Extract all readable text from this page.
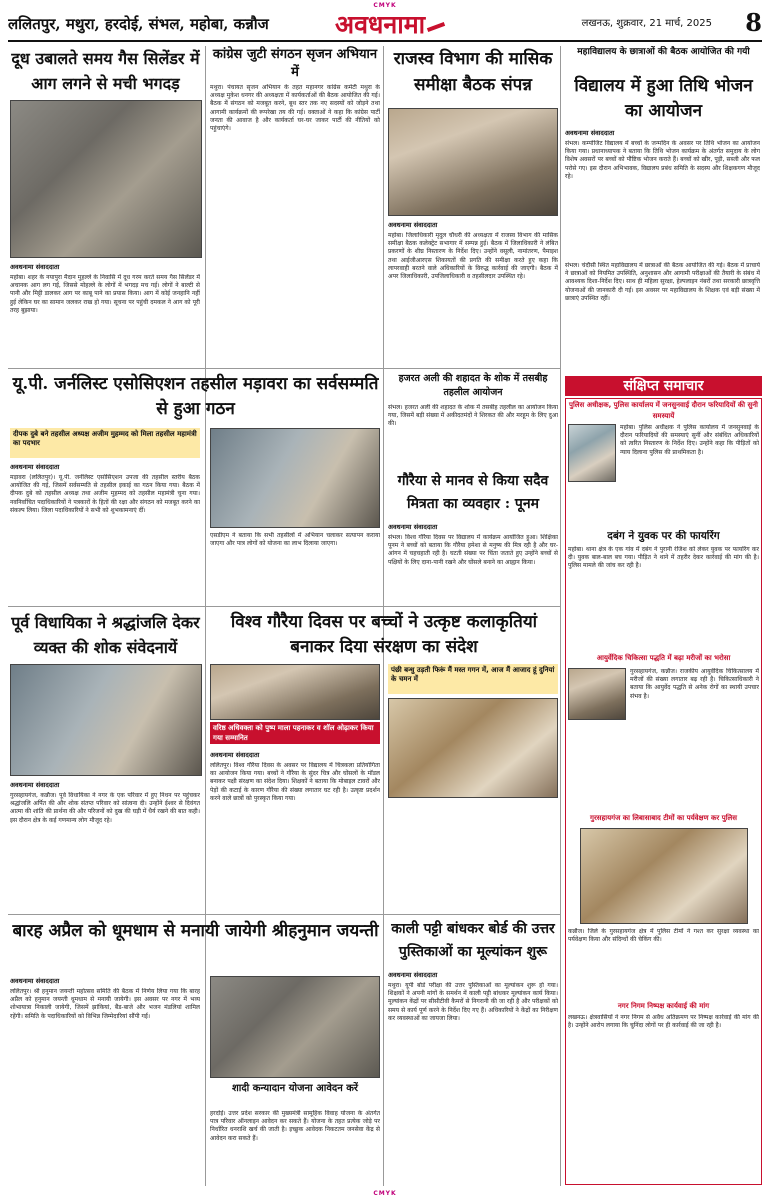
CMYK
ललितपुर, मथुरा, हरदोई, संभल, महोबा, कन्नौज	अवधनामा	लखनऊ, शुक्रवार, 21 मार्च, 2025	8
दूध उबालते समय गैस सिलेंडर में आग लगने से मची भगदड़
अवधनामा संवाददाता
महोबा। शहर के नयापुरा मैदान मुहल्ले के निवासि में दूध गरम करते समय गैस सिलेंडर में अचानक आग लग गई, जिससे मोहल्ले के लोगों में भगदड़ मच गई। लोगों ने बाल्टी से पानी और मिट्टी डालकर आग पर काबू पाने का प्रयास किया। आग में कोई जनहानि नहीं हुई लेकिन घर का सामान जलकर राख हो गया। सूचना पर पहुंची दमकल ने आग को पूरी तरह बुझाया।
कांग्रेस जुटी संगठन सृजन अभियान में
मथुरा। पंचायत सृजन अभियान के तहत महानगर कांग्रेस कमेटी मथुरा के अध्यक्ष मुकेश धनगर की अध्यक्षता में कार्यकर्ताओं की बैठक आयोजित की गई। बैठक में संगठन को मजबूत करने, बूथ स्तर तक नए सदस्यों को जोड़ने तथा आगामी कार्यक्रमों की रूपरेखा तय की गई। वक्ताओं ने कहा कि कांग्रेस पार्टी जनता की आवाज है और कार्यकर्ता घर-घर जाकर पार्टी की नीतियों को पहुंचाएंगे।
राजस्व विभाग की मासिक समीक्षा बैठक संपन्न
अवधनामा संवाददाता
महोबा। जिलाधिकारी मृदुल चौधरी की अध्यक्षता में राजस्व विभाग की मासिक समीक्षा बैठक कलेक्ट्रेट सभागार में सम्पन्न हुई। बैठक में जिलाधिकारी ने लंबित प्रकरणों के शीघ्र निस्तारण के निर्देश दिए। उन्होंने वसूली, नामांतरण, पैमाइश तथा आईजीआरएस शिकायतों की प्रगति की समीक्षा करते हुए कहा कि लापरवाही बरतने वाले अधिकारियों के विरुद्ध कार्रवाई की जाएगी। बैठक में अपर जिलाधिकारी, उपजिलाधिकारी व तहसीलदार उपस्थित रहे।
महाविद्यालय के छात्राओं की बैठक आयोजित की गयी
विद्यालय में हुआ तिथि भोजन का आयोजन
अवधनामा संवाददाता
संभल। कम्पोजिट विद्यालय में बच्चों के जन्मदिन के अवसर पर तिथि भोजन का आयोजन किया गया। प्रधानाध्यापक ने बताया कि तिथि भोजन कार्यक्रम के अंतर्गत समुदाय के लोग विशेष अवसरों पर बच्चों को पौष्टिक भोजन कराते हैं। बच्चों को खीर, पूड़ी, सब्जी और फल परोसे गए। इस दौरान अभिभावक, विद्यालय प्रबंध समिति के सदस्य और शिक्षकगण मौजूद रहे।
संभल। चंदौसी स्थित महाविद्यालय में छात्राओं की बैठक आयोजित की गई। बैठक में प्राचार्य ने छात्राओं को नियमित उपस्थिति, अनुशासन और आगामी परीक्षाओं की तैयारी के संबंध में आवश्यक दिशा-निर्देश दिए। साथ ही महिला सुरक्षा, हेल्पलाइन नंबरों तथा सरकारी छात्रवृत्ति योजनाओं की जानकारी दी गई। इस अवसर पर महाविद्यालय के शिक्षक एवं बड़ी संख्या में छात्राएं उपस्थित रहीं।
यू.पी. जर्नलिस्ट एसोसिएशन तहसील मड़ावरा का सर्वसम्मति से हुआ गठन
दीपक दुबे बने तहसील अध्यक्ष अजीम मुहम्मद को मिला तहसील महामंत्री का पदभार
अवधनामा संवाददाता
मड़ावरा (ललितपुर)। यू.पी. जर्नलिस्ट एसोसिएशन उपजा की तहसील स्तरीय बैठक आयोजित की गई, जिसमें सर्वसम्मति से तहसील इकाई का गठन किया गया। बैठक में दीपक दुबे को तहसील अध्यक्ष तथा अजीम मुहम्मद को तहसील महामंत्री चुना गया। नवनिर्वाचित पदाधिकारियों ने पत्रकारों के हितों की रक्षा और संगठन को मजबूत करने का संकल्प लिया। जिला पदाधिकारियों ने सभी को शुभकामनाएं दीं।
हजरत अली की शहादत के शोक में तसबीह तहलील आयोजन
संभल। हजरत अली की शहादत के शोक में तसबीह तहलील का आयोजन किया गया, जिसमें बड़ी संख्या में अकीदतमंदों ने शिरकत की और मरहूम के लिए दुआ की।
गौरैया से मानव से किया सदैव मित्रता का व्यवहार : पूनम
अवधनामा संवाददाता
संभल। विश्व गौरैया दिवस पर विद्यालय में कार्यक्रम आयोजित हुआ। शिक्षिका पूनम ने बच्चों को बताया कि गौरैया हमेशा से मनुष्य की मित्र रही है और घर-आंगन में चहचहाती रही है। घटती संख्या पर चिंता जताते हुए उन्होंने बच्चों से पक्षियों के लिए दाना-पानी रखने और घोंसले बनाने का आह्वान किया।
एसडीएम ने बताया कि सभी तहसीलों में अभियान चलाकर सत्यापन कराया जाएगा और पात्र लोगों को योजना का लाभ दिलाया जाएगा।
संक्षिप्त समाचार
पुलिस अधीक्षक, पुलिस कार्यालय में जनसुनवाई दौरान फरियादियों की सुनी समस्यायें
महोबा। पुलिस अधीक्षक ने पुलिस कार्यालय में जनसुनवाई के दौरान फरियादियों की समस्याएं सुनीं और संबंधित अधिकारियों को त्वरित निस्तारण के निर्देश दिए। उन्होंने कहा कि पीड़ितों को न्याय दिलाना पुलिस की प्राथमिकता है।
दबंग ने युवक पर की फायरिंग
महोबा। थाना क्षेत्र के एक गांव में दबंग ने पुरानी रंजिश को लेकर युवक पर फायरिंग कर दी। युवक बाल-बाल बच गया। पीड़ित ने थाने में तहरीर देकर कार्रवाई की मांग की है। पुलिस मामले की जांच कर रही है।
आयुर्वेदिक चिकित्सा पद्धति में बढ़ा मरीजों का भरोसा
गुरसहायगंज, कन्नौज। राजकीय आयुर्वेदिक चिकित्सालय में मरीजों की संख्या लगातार बढ़ रही है। चिकित्साधिकारी ने बताया कि आयुर्वेद पद्धति से अनेक रोगों का स्थायी उपचार संभव है।
गुरसहायगंज का लिबासाबाद टीमों का पर्यवेक्षण कर पुलिस
कन्नौज। जिले के गुरसहायगंज क्षेत्र में पुलिस टीमों ने गश्त कर सुरक्षा व्यवस्था का पर्यवेक्षण किया और संदिग्धों की चेकिंग की।
नगर निगम निष्पक्ष कार्यवाई की मांग
लखनऊ। क्षेत्रवासियों ने नगर निगम से अवैध अतिक्रमण पर निष्पक्ष कार्रवाई की मांग की है। उन्होंने आरोप लगाया कि चुनिंदा लोगों पर ही कार्रवाई की जा रही है।
पूर्व विधायिका ने श्रद्धांजलि देकर व्यक्त की शोक संवेदनायें
अवधनामा संवाददाता
गुरसहायगंज, कन्नौज। पूर्व विधायिका ने नगर के एक परिवार में हुए निधन पर पहुंचकर श्रद्धांजलि अर्पित की और शोक संतप्त परिवार को सांत्वना दी। उन्होंने ईश्वर से दिवंगत आत्मा की शांति की प्रार्थना की और परिजनों को दुख की घड़ी में धैर्य रखने की बात कही। इस दौरान क्षेत्र के कई गणमान्य लोग मौजूद रहे।
वरिष्ठ अधिवक्ता को पुष्प माला पहनाकर व शॉल ओढ़ाकर किया गया सम्मानित
विश्व गौरैया दिवस पर बच्चों ने उत्कृष्ट कलाकृतियां बनाकर दिया संरक्षण का संदेश
पंछी बन्धु उड़ती फिरूं मैं मस्त गगन में, आज मैं आजाद हूं दुनियां के चमन में
अवधनामा संवाददाता
ललितपुर। विश्व गौरैया दिवस के अवसर पर विद्यालय में चित्रकला प्रतियोगिता का आयोजन किया गया। बच्चों ने गौरैया के सुंदर चित्र और घोंसलों के मॉडल बनाकर पक्षी संरक्षण का संदेश दिया। शिक्षकों ने बताया कि मोबाइल टावरों और पेड़ों की कटाई के कारण गौरैया की संख्या लगातार घट रही है। उत्कृष्ट प्रदर्शन करने वाले छात्रों को पुरस्कृत किया गया।
बारह अप्रैल को धूमधाम से मनायी जायेगी श्रीहनुमान जयन्ती
अवधनामा संवाददाता
ललितपुर। श्री हनुमान जयन्ती महोत्सव समिति की बैठक में निर्णय लिया गया कि बारह अप्रैल को हनुमान जयन्ती धूमधाम से मनायी जायेगी। इस अवसर पर नगर में भव्य शोभायात्रा निकाली जायेगी, जिसमें झांकियां, बैंड-बाजे और भजन मंडलियां शामिल रहेंगी। समिति के पदाधिकारियों को विभिन्न जिम्मेदारियां सौंपी गईं।
शादी कन्यादान योजना आवेदन करें
हरदोई। उत्तर प्रदेश सरकार की मुख्यमंत्री सामूहिक विवाह योजना के अंतर्गत पात्र परिवार ऑनलाइन आवेदन कर सकते हैं। योजना के तहत प्रत्येक जोड़े पर निर्धारित धनराशि खर्च की जाती है। इच्छुक आवेदक निकटतम जनसेवा केंद्र से आवेदन करा सकते हैं।
काली पट्टी बांधकर बोर्ड की उत्तर पुस्तिकाओं का मूल्यांकन शुरू
अवधनामा संवाददाता
मथुरा। यूपी बोर्ड परीक्षा की उत्तर पुस्तिकाओं का मूल्यांकन शुरू हो गया। शिक्षकों ने अपनी मांगों के समर्थन में काली पट्टी बांधकर मूल्यांकन कार्य किया। मूल्यांकन केंद्रों पर सीसीटीवी कैमरों से निगरानी की जा रही है और परीक्षकों को समय से कार्य पूर्ण करने के निर्देश दिए गए हैं। अधिकारियों ने केंद्रों का निरीक्षण कर व्यवस्थाओं का जायजा लिया।
CMYK
